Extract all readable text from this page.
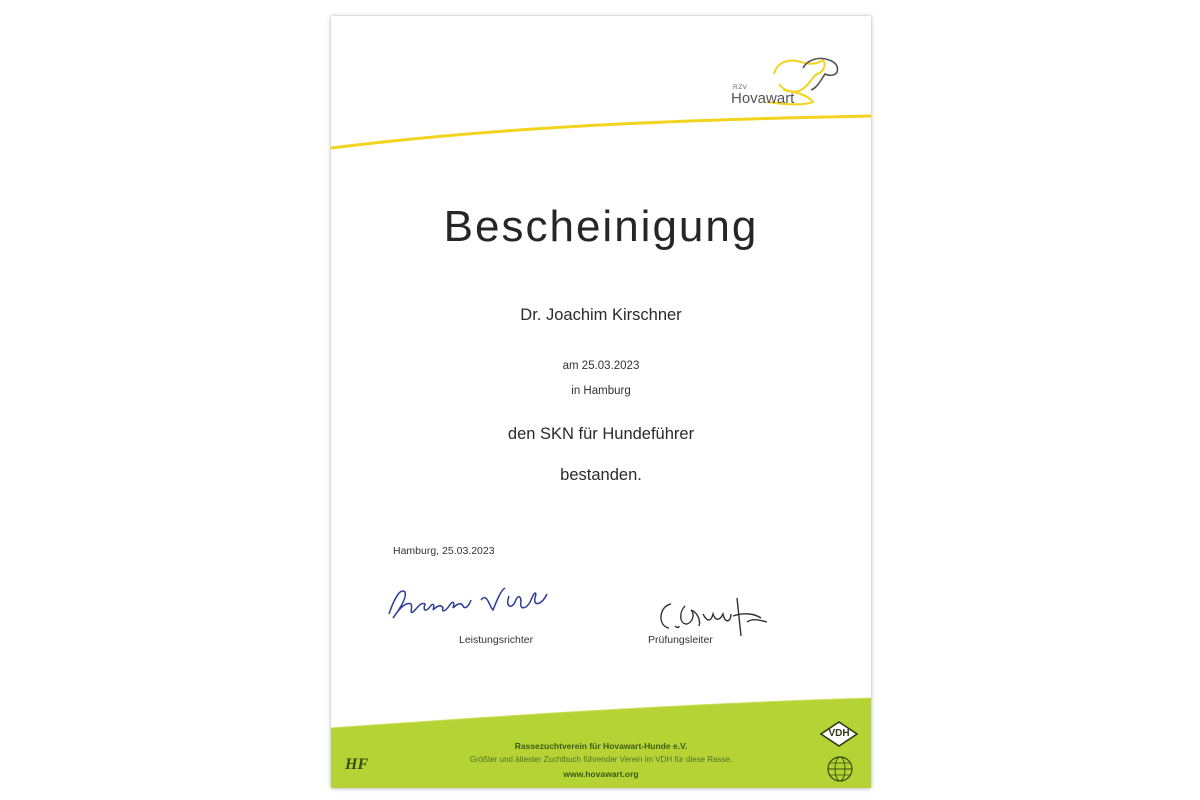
RZV
Hovawart
Bescheinigung
Dr. Joachim Kirschner
am 25.03.2023
in Hamburg
den SKN für Hundeführer
bestanden.
Hamburg, 25.03.2023
Leistungsrichter	Prüfungsleiter
HF
Rassezuchtverein für Hovawart-Hunde e.V.
Größter und ältester Zuchtbuch führender Verein im VDH für diese Rasse.
www.hovawart.org
VDH
